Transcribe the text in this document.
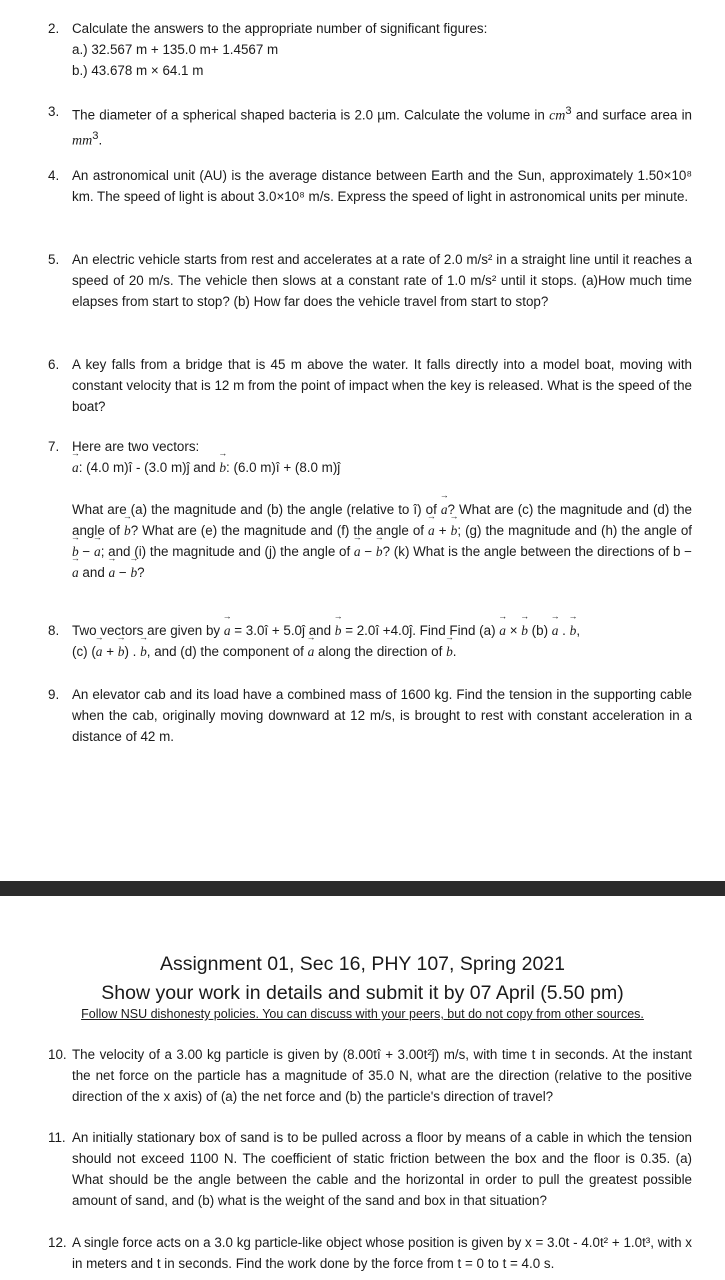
2. Calculate the answers to the appropriate number of significant figures:
a.) 32.567 m + 135.0 m+ 1.4567 m
b.) 43.678 m × 64.1 m
3. The diameter of a spherical shaped bacteria is 2.0 µm. Calculate the volume in $cm^3$ and surface area in $mm^3$.
4. An astronomical unit (AU) is the average distance between Earth and the Sun, approximately 1.50×10⁸ km. The speed of light is about 3.0×10⁸ m/s. Express the speed of light in astronomical units per minute.
5. An electric vehicle starts from rest and accelerates at a rate of 2.0 m/s² in a straight line until it reaches a speed of 20 m/s. The vehicle then slows at a constant rate of 1.0 m/s² until it stops. (a)How much time elapses from start to stop? (b) How far does the vehicle travel from start to stop?
6. A key falls from a bridge that is 45 m above the water. It falls directly into a model boat, moving with constant velocity that is 12 m from the point of impact when the key is released. What is the speed of the boat?
7. Here are two vectors:
→ a: (4.0 m)î - (3.0 m)ĵ and → b: (6.0 m)î + (8.0 m)ĵ
What are (a) the magnitude and (b) the angle (relative to î) of → a? What are (c) the magnitude and (d) the angle of → b? What are (e) the magnitude and (f) the angle of → a + → b; (g) the magnitude and (h) the angle of → b − → a; and (i) the magnitude and (j) the angle of → a − → b? (k) What is the angle between the directions of b − → a and → a − → b?
8. Two vectors are given by → a = 3.0î + 5.0ĵ and → b = 2.0î +4.0ĵ. Find Find (a) → a × → b (b) → a . → b,
(c) (→ a + → b) . → b, and (d) the component of → a along the direction of → b.
9. An elevator cab and its load have a combined mass of 1600 kg. Find the tension in the supporting cable when the cab, originally moving downward at 12 m/s, is brought to rest with constant acceleration in a distance of 42 m.
Assignment 01, Sec 16, PHY 107, Spring 2021
Show your work in details and submit it by 07 April (5.50 pm)
Follow NSU dishonesty policies. You can discuss with your peers, but do not copy from other sources.
10. The velocity of a 3.00 kg particle is given by (8.00tî + 3.00t²ĵ) m/s, with time t in seconds. At the instant the net force on the particle has a magnitude of 35.0 N, what are the direction (relative to the positive direction of the x axis) of (a) the net force and (b) the particle's direction of travel?
11. An initially stationary box of sand is to be pulled across a floor by means of a cable in which the tension should not exceed 1100 N. The coefficient of static friction between the box and the floor is 0.35. (a) What should be the angle between the cable and the horizontal in order to pull the greatest possible amount of sand, and (b) what is the weight of the sand and box in that situation?
12. A single force acts on a 3.0 kg particle-like object whose position is given by x = 3.0t - 4.0t² + 1.0t³, with x in meters and t in seconds. Find the work done by the force from t = 0 to t = 4.0 s.
